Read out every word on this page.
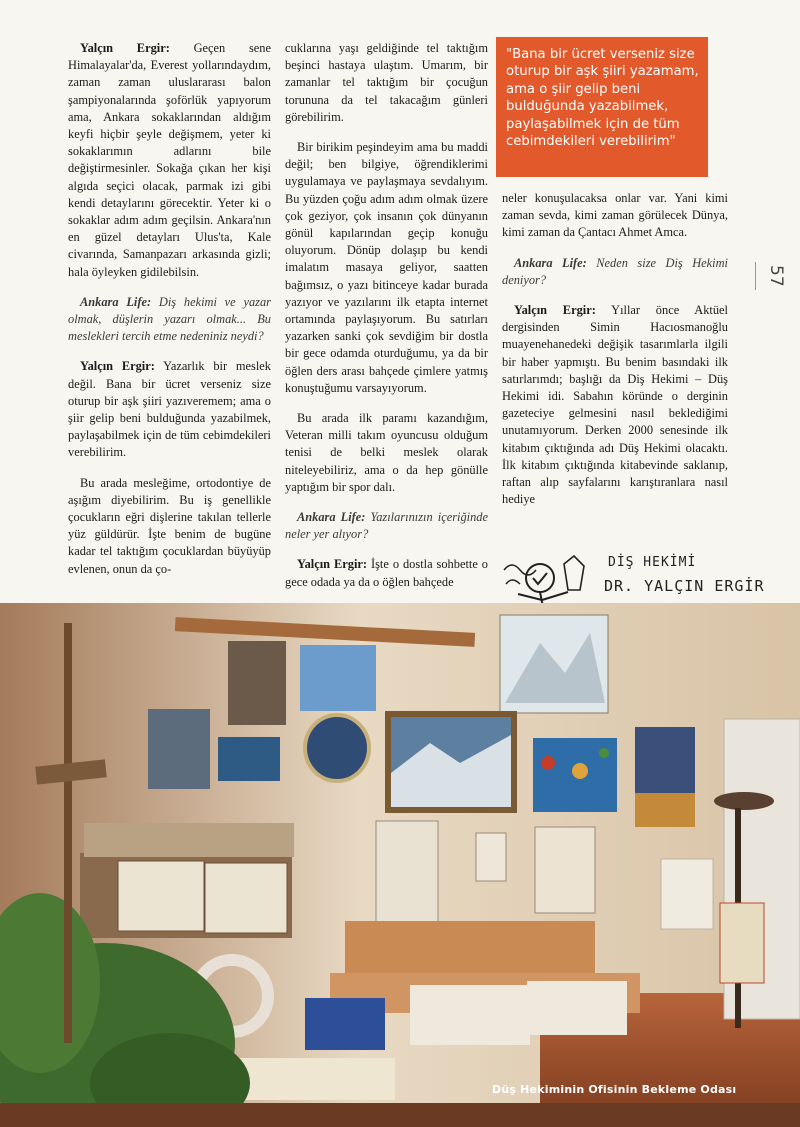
Yalçın Ergir: Geçen sene Himalayalar'da, Everest yollarındaydım, zaman zaman uluslararası balon şampiyonalarında şoförlük yapıyorum ama, Ankara sokaklarından aldığım keyfi hiçbir şeyle değişmem, yeter ki sokaklarımın adlarını bile değiştirmesinler. Sokağa çıkan her kişi algıda seçici olacak, parmak izi gibi kendi detaylarını görecektir. Yeter ki o sokaklar adım adım geçilsin. Ankara'nın en güzel detayları Ulus'ta, Kale civarında, Samanpazarı arkasında gizli; hala öyleyken gidilebilsin.

Ankara Life: Diş hekimi ve yazar olmak, düşlerin yazarı olmak... Bu meslekleri tercih etme nedeniniz neydi?

Yalçın Ergir: Yazarlık bir meslek değil. Bana bir ücret verseniz size oturup bir aşk şiiri yazıveremem; ama o şiir gelip beni bulduğunda yazabilmek, paylaşabilmek için de tüm cebimdekileri verebilirim.

Bu arada mesleğime, ortodontiye de aşığım diyebilirim. Bu iş genellikle çocukların eğri dişlerine takılan tellerle yüz güldürür. İşte benim de bugüne kadar tel taktığım çocuklardan büyüyüp evlenen, onun da ço-

cuklarına yaşı geldiğinde tel taktığım beşinci hastaya ulaştım. Umarım, bir zamanlar tel taktığım bir çocuğun torununa da tel takacağım günleri görebilirim.

Bir birikim peşindeyim ama bu maddi değil; ben bilgiye, öğrendiklerimi uygulamaya ve paylaşmaya sevdalıyım. Bu yüzden çoğu adım adım olmak üzere çok geziyor, çok insanın çok dünyanın gönül kapılarından geçip konuğu oluyorum. Dönüp dolaşıp bu kendi imalatım masaya geliyor, saatten bağımsız, o yazı bitinceye kadar burada yazıyor ve yazılarını ilk etapta internet ortamında paylaşıyorum. Bu satırları yazarken sanki çok sevdiğim bir dostla bir gece odamda oturduğumu, ya da bir öğlen ders arası bahçede çimlere yatmış konuştuğumu varsayıyorum.

Bu arada ilk paramı kazandığım, Veteran milli takım oyuncusu olduğum tenisi de belki meslek olarak niteleyebiliriz, ama o da hep gönülle yaptığım bir spor dalı.

Ankara Life: Yazılarınızın içeriğinde neler yer alıyor?

Yalçın Ergir: İşte o dostla sohbette o gece odada ya da o öğlen bahçede

"Bana bir ücret verseniz size oturup bir aşk şiiri yazamam, ama o şiir gelip beni bulduğunda yazabilmek, paylaşabilmek için de tüm cebimdekileri verebilirim"

neler konuşulacaksa onlar var. Yani kimi zaman sevda, kimi zaman görülecek Dünya, kimi zaman da Çantacı Ahmet Amca.

Ankara Life: Neden size Diş Hekimi deniyor?

Yalçın Ergir: Yıllar önce Aktüel dergisinden Simin Hacıosmanoğlu muayenehanedeki değişik tasarımlarla ilgili bir haber yapmıştı. Bu benim basındaki ilk satırlarımdı; başlığı da Diş Hekimi – Düş Hekimi idi. Sabahın köründe o derginin gazeteciye gelmesini nasıl beklediğimi unutamıyorum. Derken 2000 senesinde ilk kitabım çıktığında adı Düş Hekimi olacaktı. İlk kitabım çıktığında kitabevinde saklanıp, raftan alıp sayfalarını karıştıranlara nasıl hediye

57
DİŞ HEKİMİ
DR. YALÇIN ERGİR
Düş Hekiminin Ofisinin Bekleme Odası
